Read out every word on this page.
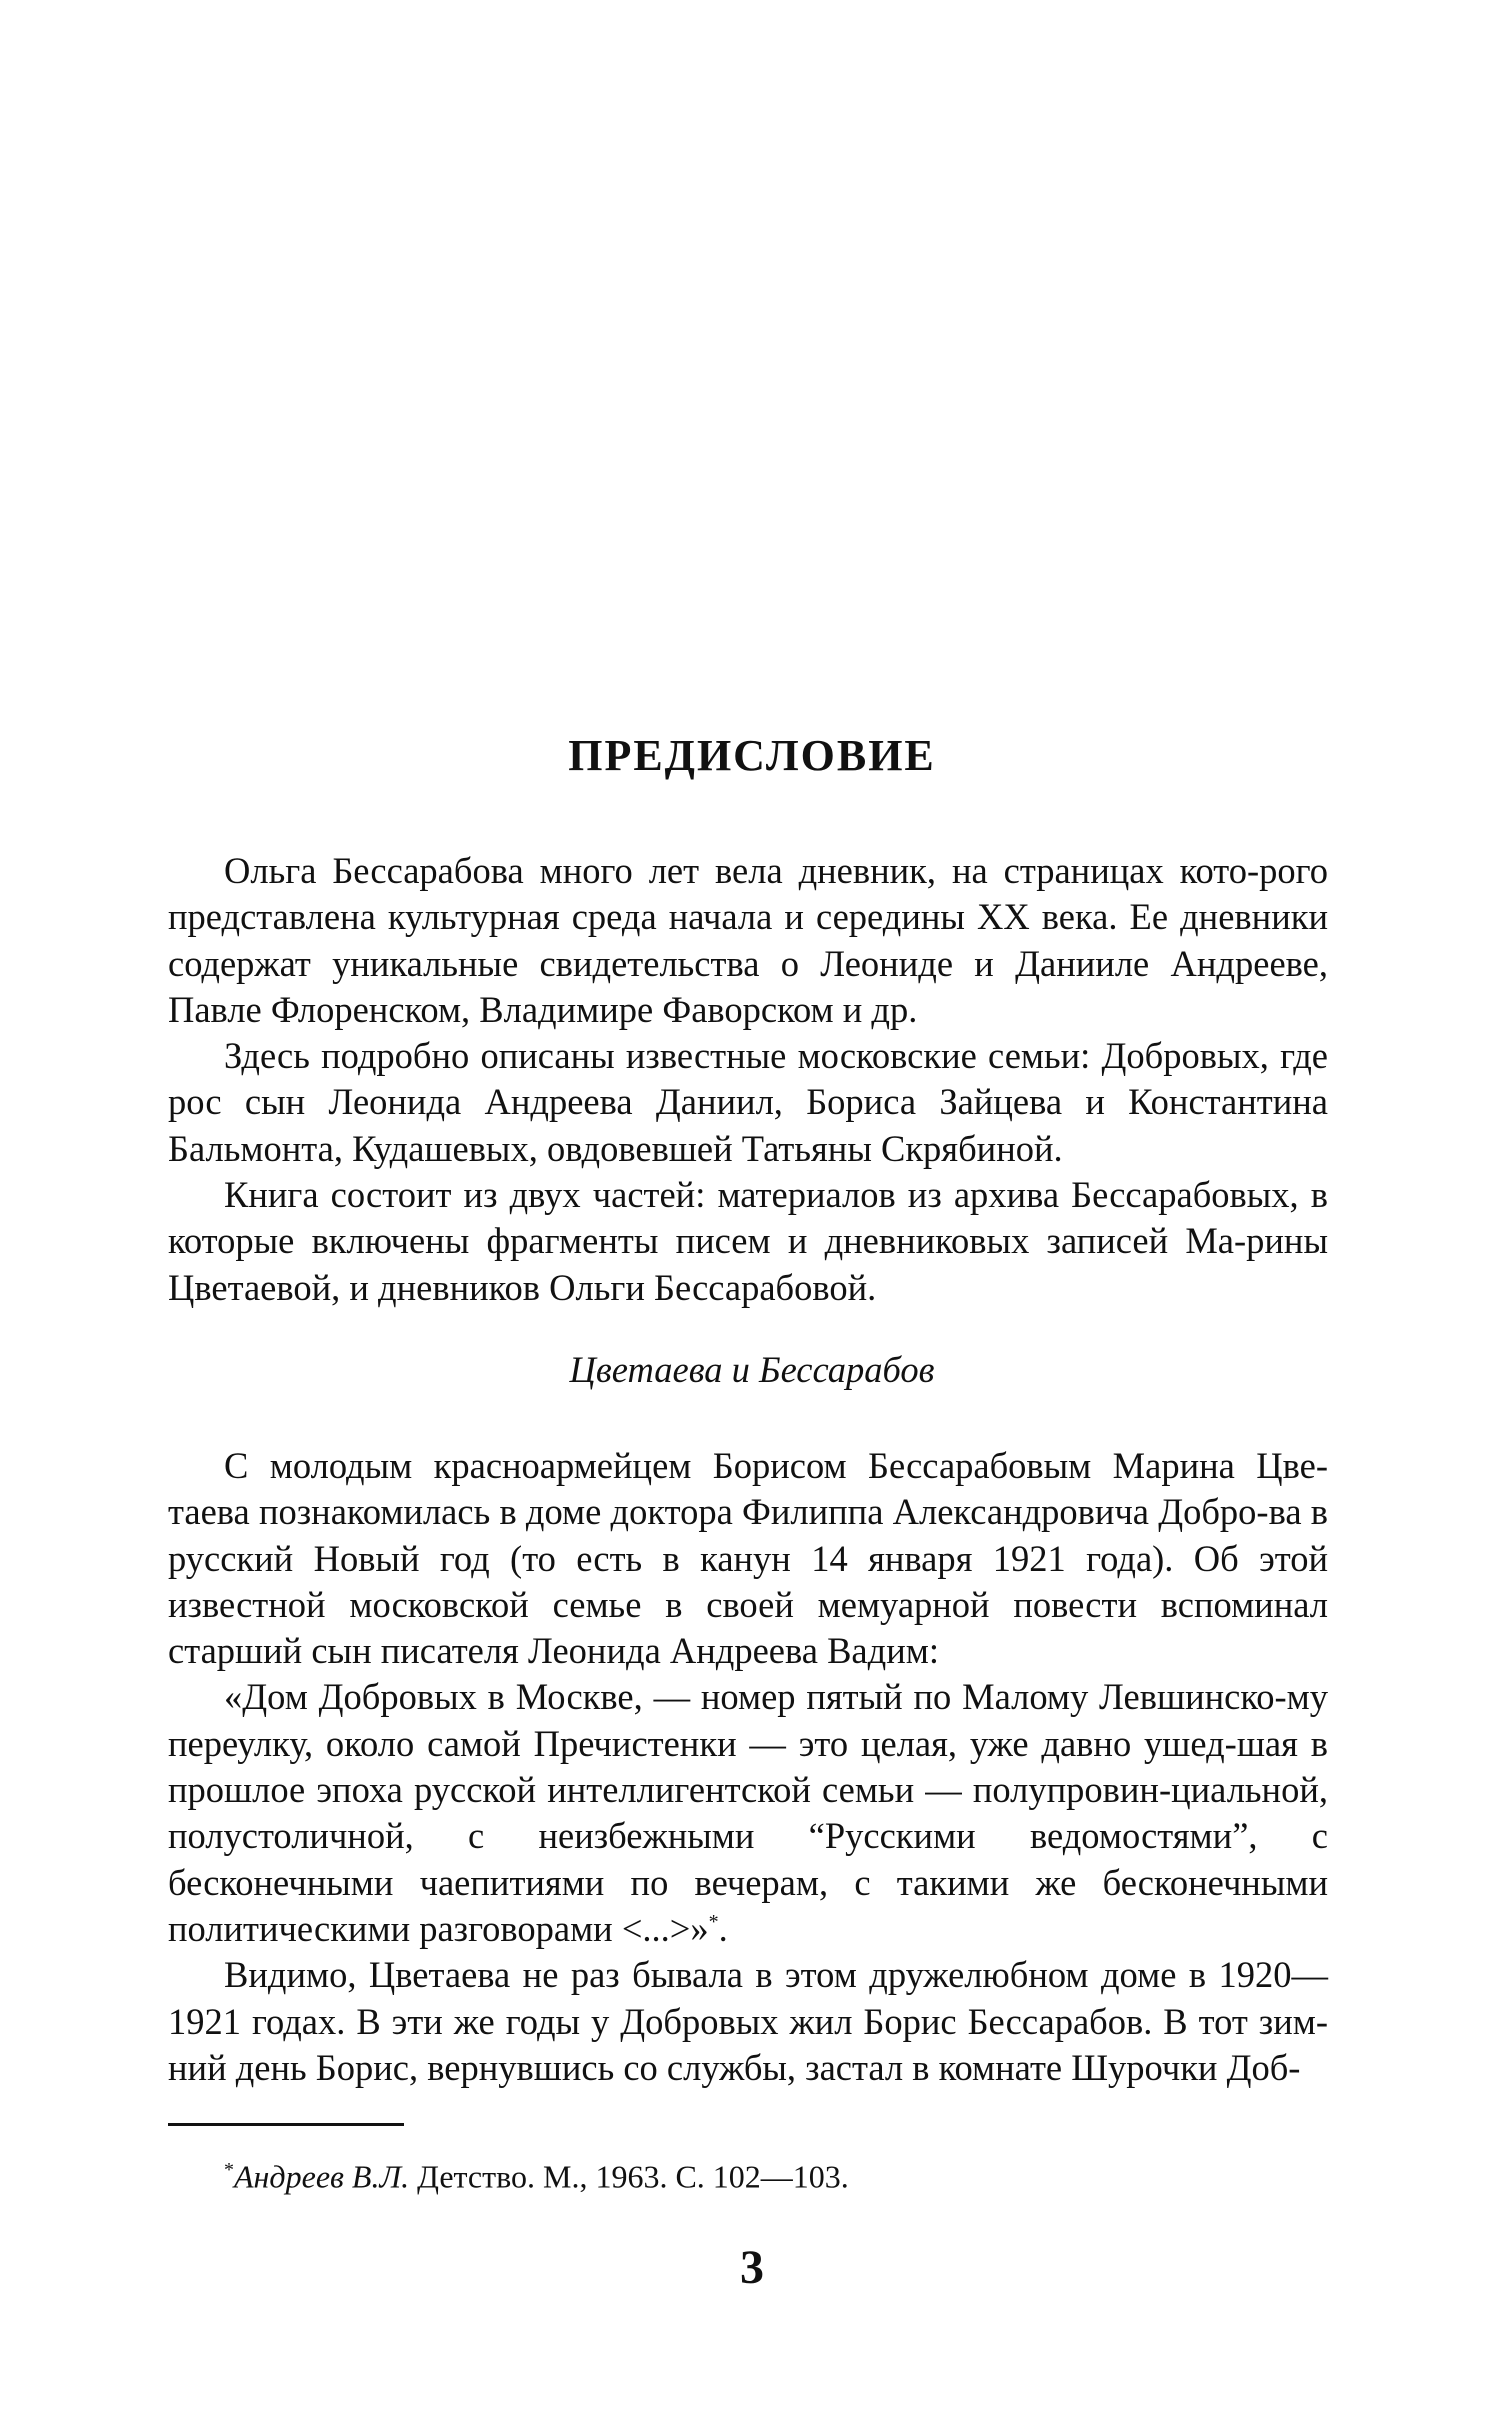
ПРЕДИСЛОВИЕ

Ольга Бессарабова много лет вела дневник, на страницах кото-рого представлена культурная среда начала и середины XX века. Ее дневники содержат уникальные свидетельства о Леониде и Данииле Андрееве, Павле Флоренском, Владимире Фаворском и др.

Здесь подробно описаны известные московские семьи: Добровых, где рос сын Леонида Андреева Даниил, Бориса Зайцева и Константина Бальмонта, Кудашевых, овдовевшей Татьяны Скрябиной.

Книга состоит из двух частей: материалов из архива Бессарабовых, в которые включены фрагменты писем и дневниковых записей Ма-рины Цветаевой, и дневников Ольги Бессарабовой.

Цветаева и Бессарабов

С молодым красноармейцем Борисом Бессарабовым Марина Цве-таева познакомилась в доме доктора Филиппа Александровича Добро-ва в русский Новый год (то есть в канун 14 января 1921 года). Об этой известной московской семье в своей мемуарной повести вспоминал старший сын писателя Леонида Андреева Вадим:

«Дом Добровых в Москве, — номер пятый по Малому Левшинско-му переулку, около самой Пречистенки — это целая, уже давно ушед-шая в прошлое эпоха русской интеллигентской семьи — полупровин-циальной, полустоличной, с неизбежными “Русскими ведомостями”, с бесконечными чаепитиями по вечерам, с такими же бесконечными политическими разговорами <...>»*.

Видимо, Цветаева не раз бывала в этом дружелюбном доме в 1920—1921 годах. В эти же годы у Добровых жил Борис Бессарабов. В тот зим-ний день Борис, вернувшись со службы, застал в комнате Шурочки Доб-

*Андреев В.Л. Детство. М., 1963. С. 102—103.
3
